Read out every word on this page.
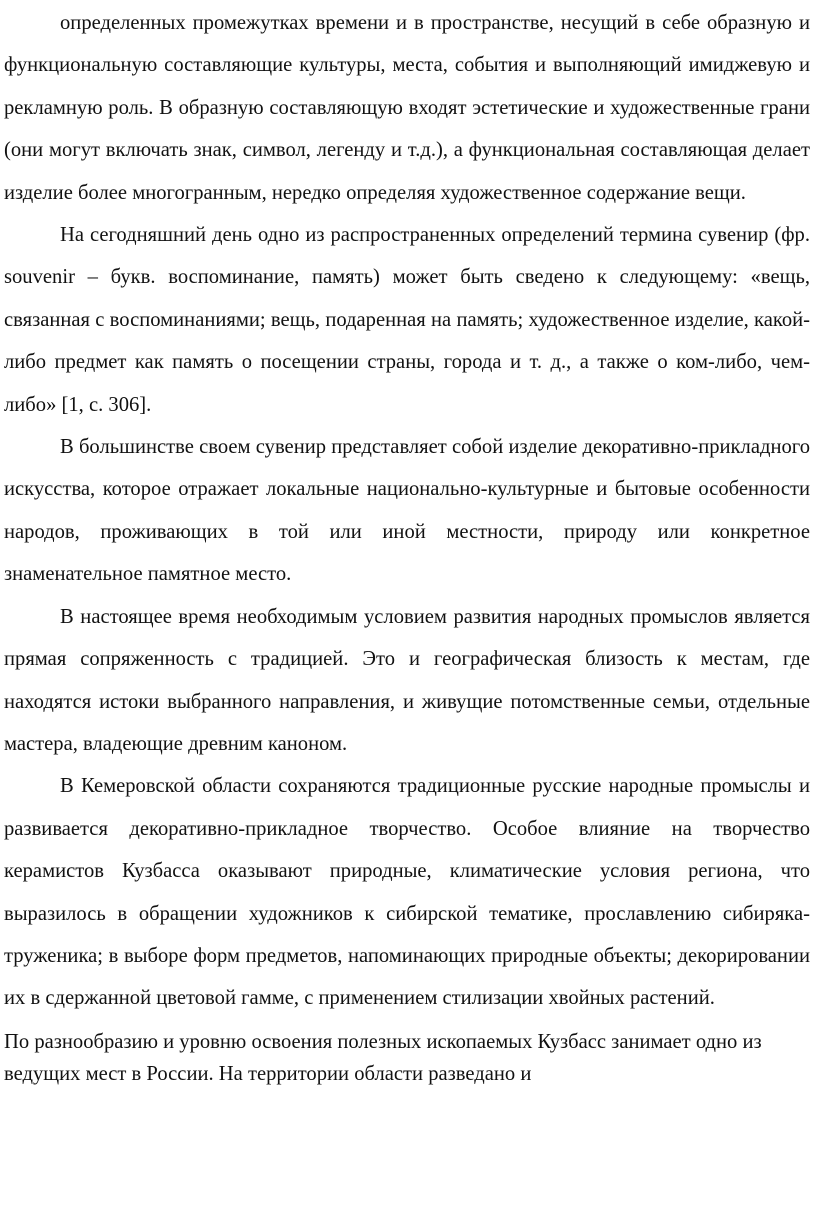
определенных промежутках времени и в пространстве, несущий в себе образную и функциональную составляющие культуры, места, события и выполняющий имиджевую и рекламную роль. В образную составляющую входят эстетические и художественные грани (они могут включать знак, символ, легенду и т.д.), а функциональная составляющая делает изделие более многогранным, нередко определяя художественное содержание вещи.

На сегодняшний день одно из распространенных определений термина сувенир (фр. souvenir – букв. воспоминание, память) может быть сведено к следующему: «вещь, связанная с воспоминаниями; вещь, подаренная на память; художественное изделие, какой-либо предмет как память о посещении страны, города и т. д., а также о ком-либо, чем-либо» [1, с. 306].

В большинстве своем сувенир представляет собой изделие декоративно-прикладного искусства, которое отражает локальные национально-культурные и бытовые особенности народов, проживающих в той или иной местности, природу или конкретное знаменательное памятное место.

В настоящее время необходимым условием развития народных промыслов является прямая сопряженность с традицией. Это и географическая близость к местам, где находятся истоки выбранного направления, и живущие потомственные семьи, отдельные мастера, владеющие древним каноном.

В Кемеровской области сохраняются традиционные русские народные промыслы и развивается декоративно-прикладное творчество. Особое влияние на творчество керамистов Кузбасса оказывают природные, климатические условия региона, что выразилось в обращении художников к сибирской тематике, прославлению сибиряка-труженика; в выборе форм предметов, напоминающих природные объекты; декорировании их в сдержанной цветовой гамме, с применением стилизации хвойных растений.

По разнообразию и уровню освоения полезных ископаемых Кузбасс занимает одно из ведущих мест в России. На территории области разведано и
